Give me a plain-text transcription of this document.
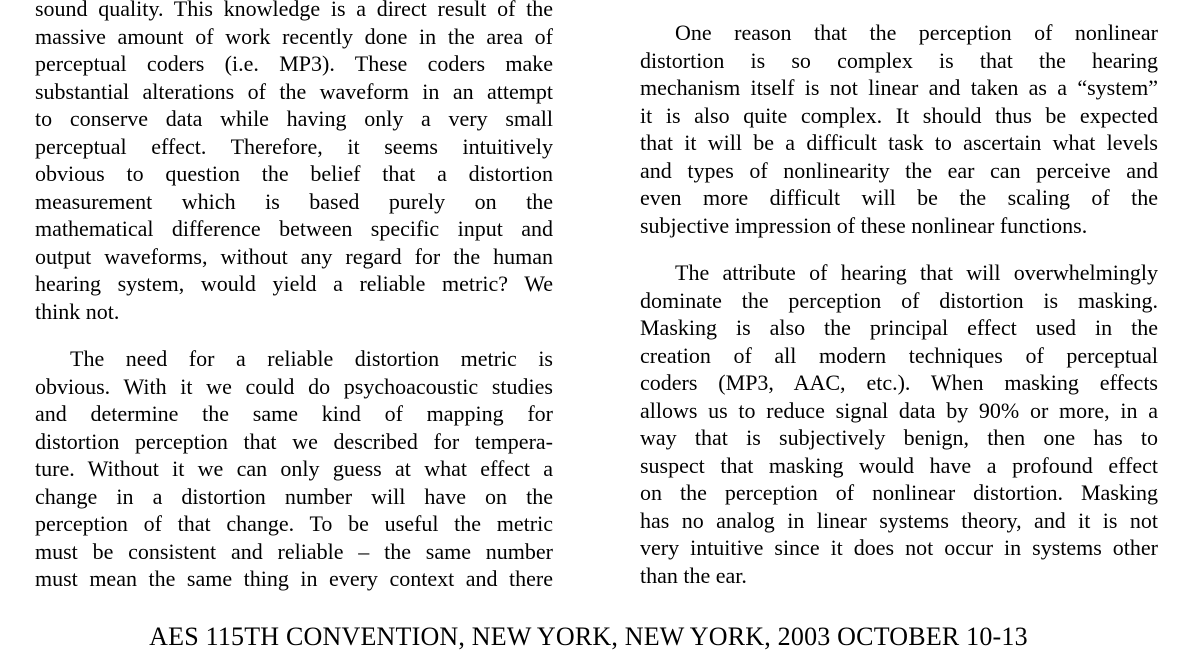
sound quality. This knowledge is a direct result of the
massive amount of work recently done in the area of
perceptual coders (i.e. MP3). These coders make
substantial alterations of the waveform in an attempt
to conserve data while having only a very small
perceptual effect. Therefore, it seems intuitively
obvious to question the belief that a distortion
measurement which is based purely on the
mathematical difference between specific input and
output waveforms, without any regard for the human
hearing system, would yield a reliable metric? We
think not.
The need for a reliable distortion metric is
obvious. With it we could do psychoacoustic studies
and determine the same kind of mapping for
distortion perception that we described for tempera-
ture. Without it we can only guess at what effect a
change in a distortion number will have on the
perception of that change. To be useful the metric
must be consistent and reliable – the same number
must mean the same thing in every context and there
One reason that the perception of nonlinear
distortion is so complex is that the hearing
mechanism itself is not linear and taken as a “system”
it is also quite complex. It should thus be expected
that it will be a difficult task to ascertain what levels
and types of nonlinearity the ear can perceive and
even more difficult will be the scaling of the
subjective impression of these nonlinear functions.
The attribute of hearing that will overwhelmingly
dominate the perception of distortion is masking.
Masking is also the principal effect used in the
creation of all modern techniques of perceptual
coders (MP3, AAC, etc.). When masking effects
allows us to reduce signal data by 90% or more, in a
way that is subjectively benign, then one has to
suspect that masking would have a profound effect
on the perception of nonlinear distortion. Masking
has no analog in linear systems theory, and it is not
very intuitive since it does not occur in systems other
than the ear.
AES 115TH CONVENTION, NEW YORK, NEW YORK, 2003 OCTOBER 10-13
